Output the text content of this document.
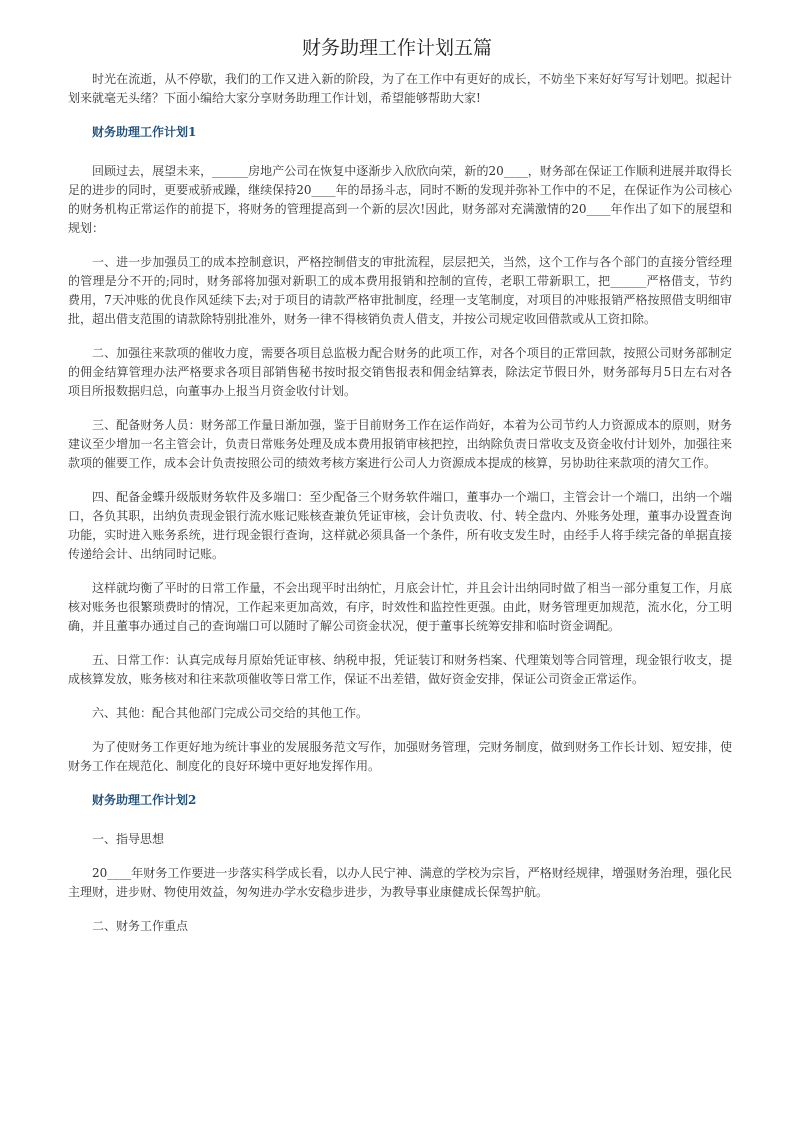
财务助理工作计划五篇

时光在流逝，从不停歇，我们的工作又进入新的阶段，为了在工作中有更好的成长，不妨坐下来好好写写计划吧。拟起计划来就毫无头绪？下面小编给大家分享财务助理工作计划，希望能够帮助大家!

财务助理工作计划1

回顾过去，展望未来，______房地产公司在恢复中逐渐步入欣欣向荣，新的20____，财务部在保证工作顺利进展并取得长足的进步的同时，更要戒骄戒躁，继续保持20____年的昂扬斗志，同时不断的发现并弥补工作中的不足，在保证作为公司核心的财务机构正常运作的前提下，将财务的管理提高到一个新的层次!因此，财务部对充满激情的20____年作出了如下的展望和规划：

一、进一步加强员工的成本控制意识，严格控制借支的审批流程，层层把关，当然，这个工作与各个部门的直接分管经理的管理是分不开的;同时，财务部将加强对新职工的成本费用报销和控制的宣传，老职工带新职工，把______严格借支，节约费用，7天冲账的优良作风延续下去;对于项目的请款严格审批制度，经理一支笔制度，对项目的冲账报销严格按照借支明细审批，超出借支范围的请款除特别批准外，财务一律不得核销负责人借支，并按公司规定收回借款或从工资扣除。

二、加强往来款项的催收力度，需要各项目总监极力配合财务的此项工作，对各个项目的正常回款，按照公司财务部制定的佣金结算管理办法严格要求各项目部销售秘书按时报交销售报表和佣金结算表，除法定节假日外，财务部每月5日左右对各项目所报数据归总，向董事办上报当月资金收付计划。

三、配备财务人员：财务部工作量日渐加强，鉴于目前财务工作在运作尚好，本着为公司节约人力资源成本的原则，财务建议至少增加一名主管会计，负责日常账务处理及成本费用报销审核把控，出纳除负责日常收支及资金收付计划外，加强往来款项的催要工作，成本会计负责按照公司的绩效考核方案进行公司人力资源成本提成的核算，另协助往来款项的清欠工作。

四、配备金蝶升级版财务软件及多端口：至少配备三个财务软件端口，董事办一个端口，主管会计一个端口，出纳一个端口，各负其职，出纳负责现金银行流水账记账核查兼负凭证审核，会计负责收、付、转全盘内、外账务处理，董事办设置查询功能，实时进入账务系统，进行现金银行查询，这样就必须具备一个条件，所有收支发生时，由经手人将手续完备的单据直接传递给会计、出纳同时记账。

这样就均衡了平时的日常工作量，不会出现平时出纳忙，月底会计忙，并且会计出纳同时做了相当一部分重复工作，月底核对账务也很繁琐费时的情况，工作起来更加高效，有序，时效性和监控性更强。由此，财务管理更加规范，流水化，分工明确，并且董事办通过自己的查询端口可以随时了解公司资金状况，便于董事长统筹安排和临时资金调配。

五、日常工作：认真完成每月原始凭证审核、纳税申报，凭证装订和财务档案、代理策划等合同管理，现金银行收支，提成核算发放，账务核对和往来款项催收等日常工作，保证不出差错，做好资金安排，保证公司资金正常运作。

六、其他：配合其他部门完成公司交给的其他工作。

为了使财务工作更好地为统计事业的发展服务范文写作，加强财务管理，完财务制度，做到财务工作长计划、短安排，使财务工作在规范化、制度化的良好环境中更好地发挥作用。

财务助理工作计划2

一、指导思想

20____年财务工作要进一步落实科学成长看，以办人民宁神、满意的学校为宗旨，严格财经规律，增强财务治理，强化民主理财，进步财、物使用效益，匆匆进办学水安稳步进步，为教导事业康健成长保驾护航。

二、财务工作重点
